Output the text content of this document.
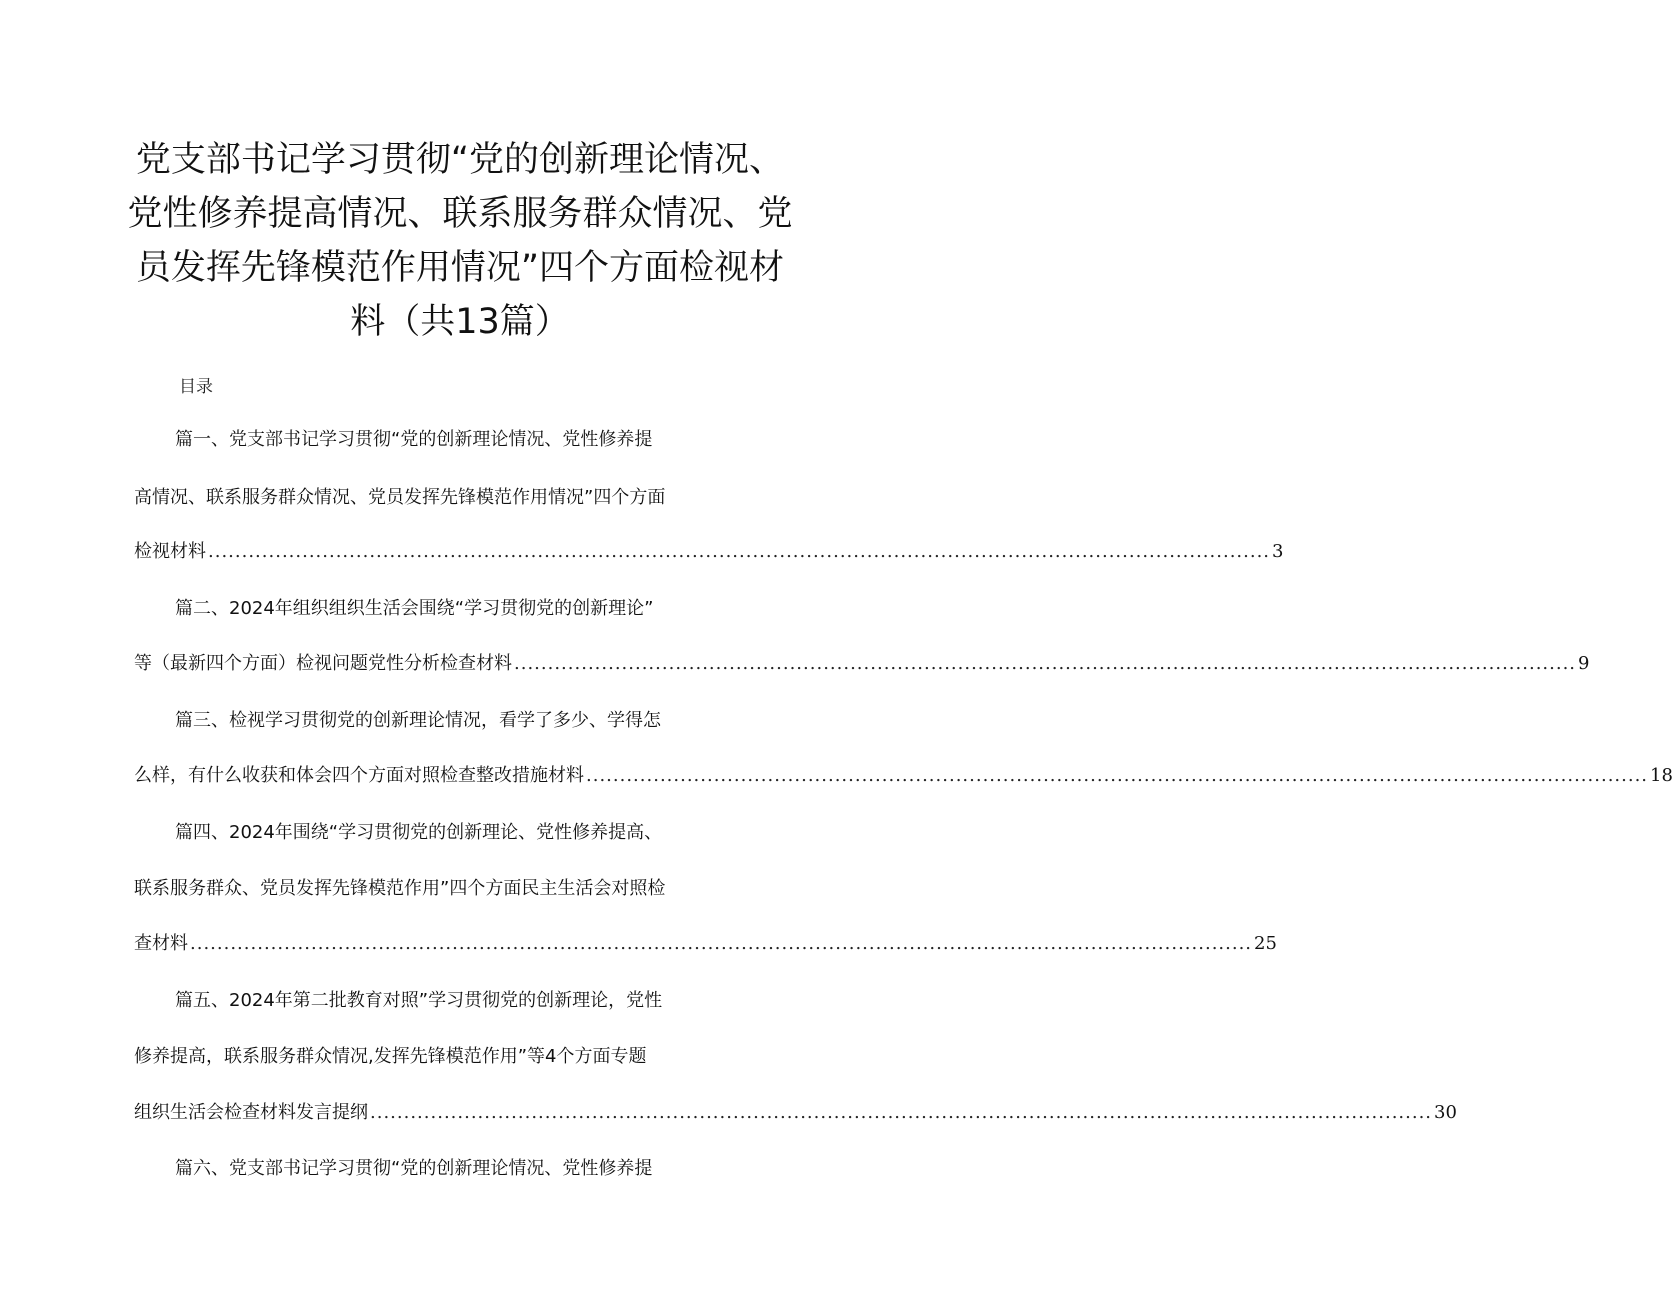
党支部书记学习贯彻“党的创新理论情况、
党性修养提高情况、联系服务群众情况、党
员发挥先锋模范作用情况”四个方面检视材
料（共13篇）
目录
篇一、党支部书记学习贯彻“党的创新理论情况、党性修养提
高情况、联系服务群众情况、党员发挥先锋模范作用情况”四个方面
检视材料 .............................................................................................................................................................. 3
篇二、2024年组织组织生活会围绕“学习贯彻党的创新理论”
等（最新四个方面）检视问题党性分析检查材料 .............................................................................................................................................................. 9
篇三、检视学习贯彻党的创新理论情况，看学了多少、学得怎
么样，有什么收获和体会四个方面对照检查整改措施材料 .............................................................................................................................................................. 18
篇四、2024年围绕“学习贯彻党的创新理论、党性修养提高、
联系服务群众、党员发挥先锋模范作用”四个方面民主生活会对照检
查材料 .............................................................................................................................................................. 25
篇五、2024年第二批教育对照”学习贯彻党的创新理论，党性
修养提高，联系服务群众情况,发挥先锋模范作用”等4个方面专题
组织生活会检查材料发言提纲 .............................................................................................................................................................. 30
篇六、党支部书记学习贯彻“党的创新理论情况、党性修养提
